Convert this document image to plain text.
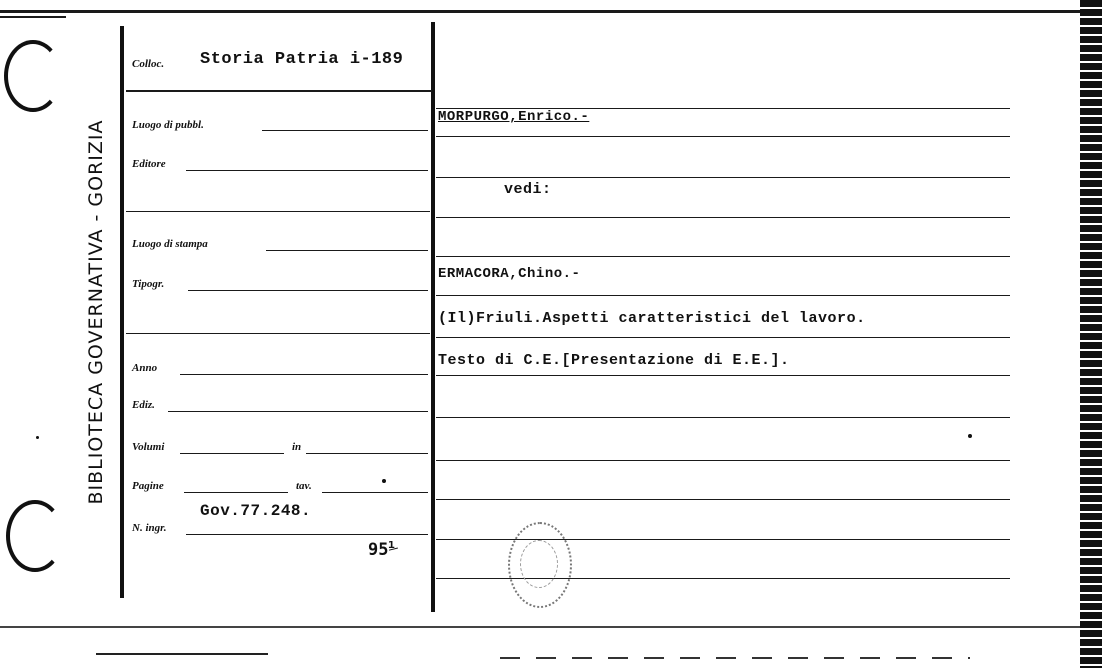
BIBLIOTECA GOVERNATIVA - GORIZIA
Colloc. Storia Patria i-189
Luogo di pubbl.
Editore
Luogo di stampa
Tipogr.
Anno
Ediz.
Volumi	in
Pagine	tav.
N. ingr.
Gov.77.248.
95⅟
MORPURGO,Enrico.-
vedi:
ERMACORA,Chino.-
(Il)Friuli.Aspetti caratteristici del lavoro.
Testo di C.E.[Presentazione di E.E.].
